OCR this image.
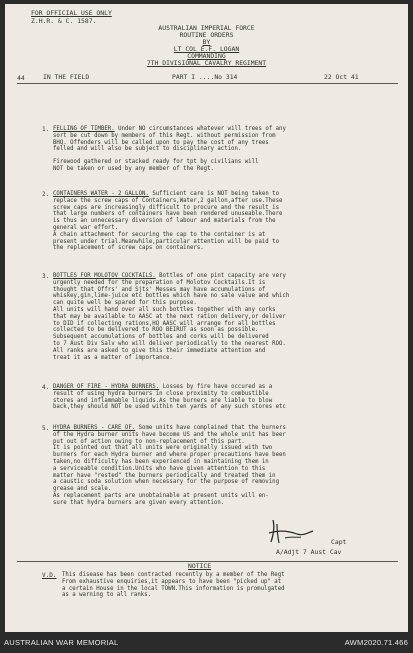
FOR OFFICIAL USE ONLY
Z.H.R. & C. 1587.
AUSTRALIAN IMPERIAL FORCE
ROUTINE ORDERS
BY
LT COL E.F. LOGAN
COMMANDING
7TH DIVISIONAL CAVALRY REGIMENT
44	IN THE FIELD	PART I ....No 314	22 Oct 41
1. FELLING OF TIMBER. Under NO circumstances whatever will trees of any
sort be cut down by members of this Regt. without permission from
BHQ. Offenders will be called upon to pay the cost of any trees
felled and will also be subject to disciplinary action.
Firewood gathered or stacked ready for tpt by civilians will
NOT be taken or used by any member of the Regt.
2. CONTAINERS WATER - 2 GALLON. Sufficient care is NOT being taken to
replace the screw caps of Containers,Water,2 gallon,after use.These
screw caps are increasingly difficult to procure and the result is
that large numbers of containers have been rendered unuseable.There
is thus an unnecessary diversion of labour and materials from the
general war effort.
A chain attachment for securing the cap to the container is at
present under trial.Meanwhile,particular attention will be paid to
the replacement of screw caps on containers.
3. BOTTLES FOR MOLOTOV COCKTAILS. Bottles of one pint capacity are very
urgently needed for the preparation of Molotov Cocktails.It is
thought that Offrs' and Sjts' Messes may have accumulations of
whiskey,gin,lime-juice etc bottles which have no sale value and which
can quite well be spared for this purpose.
All units will hand over all such bottles together with any corks
that may be available to AASC at the next ration delivery,or deliver
to DID if collecting rations,HQ AASC will arrange for all bottles
collected to be delivered to ROO BEIRUT as soon as possible.
Subsequent accumulations of bottles and corks will be delivered
to 7 Aust Div Salv who will deliver periodically to the nearest ROO.
All ranks are asked to give this their immediate attention and
treat it as a matter of importance.
4. DANGER OF FIRE - HYDRA BURNERS. Losses by fire have occured as a
result of using hydra burners in close proximity to combustible
stores and inflammable liquids.As the burners are liable to blow
back,they should NOT be used within ten yards of any such stores etc
5. HYDRA BURNERS - CARE OF. Some units have complained that the burners
of the Hydra burner units have become US and the whole unit has beer
put out of action owing to non-replacement of this part.
It is pointed out that all units were originally issued with two
burners for each Hydra burner and where proper precautions have been
taken,no difficulty has been experienced in maintaining them in
a serviceable condition.Units who have given attention to this
matter have "rested" the burners periodically and treated them in
a caustic soda solution when necessary for the purpose of removing
grease and scale.
As replacement parts are unobtainable at present units will en-
sure that hydra burners are given every attention.
Capt
A/Adjt 7 Aust Cav
NOTICE
V.D. This disease has been contracted recently by a member of the Regt
From exhaustive enquiries,it appears to have been "picked up" at
a certain House in the local TOWN.This information is promulgated
as a warning to all ranks.
AUSTRALIAN WAR MEMORIAL	AWM2020.71.466
